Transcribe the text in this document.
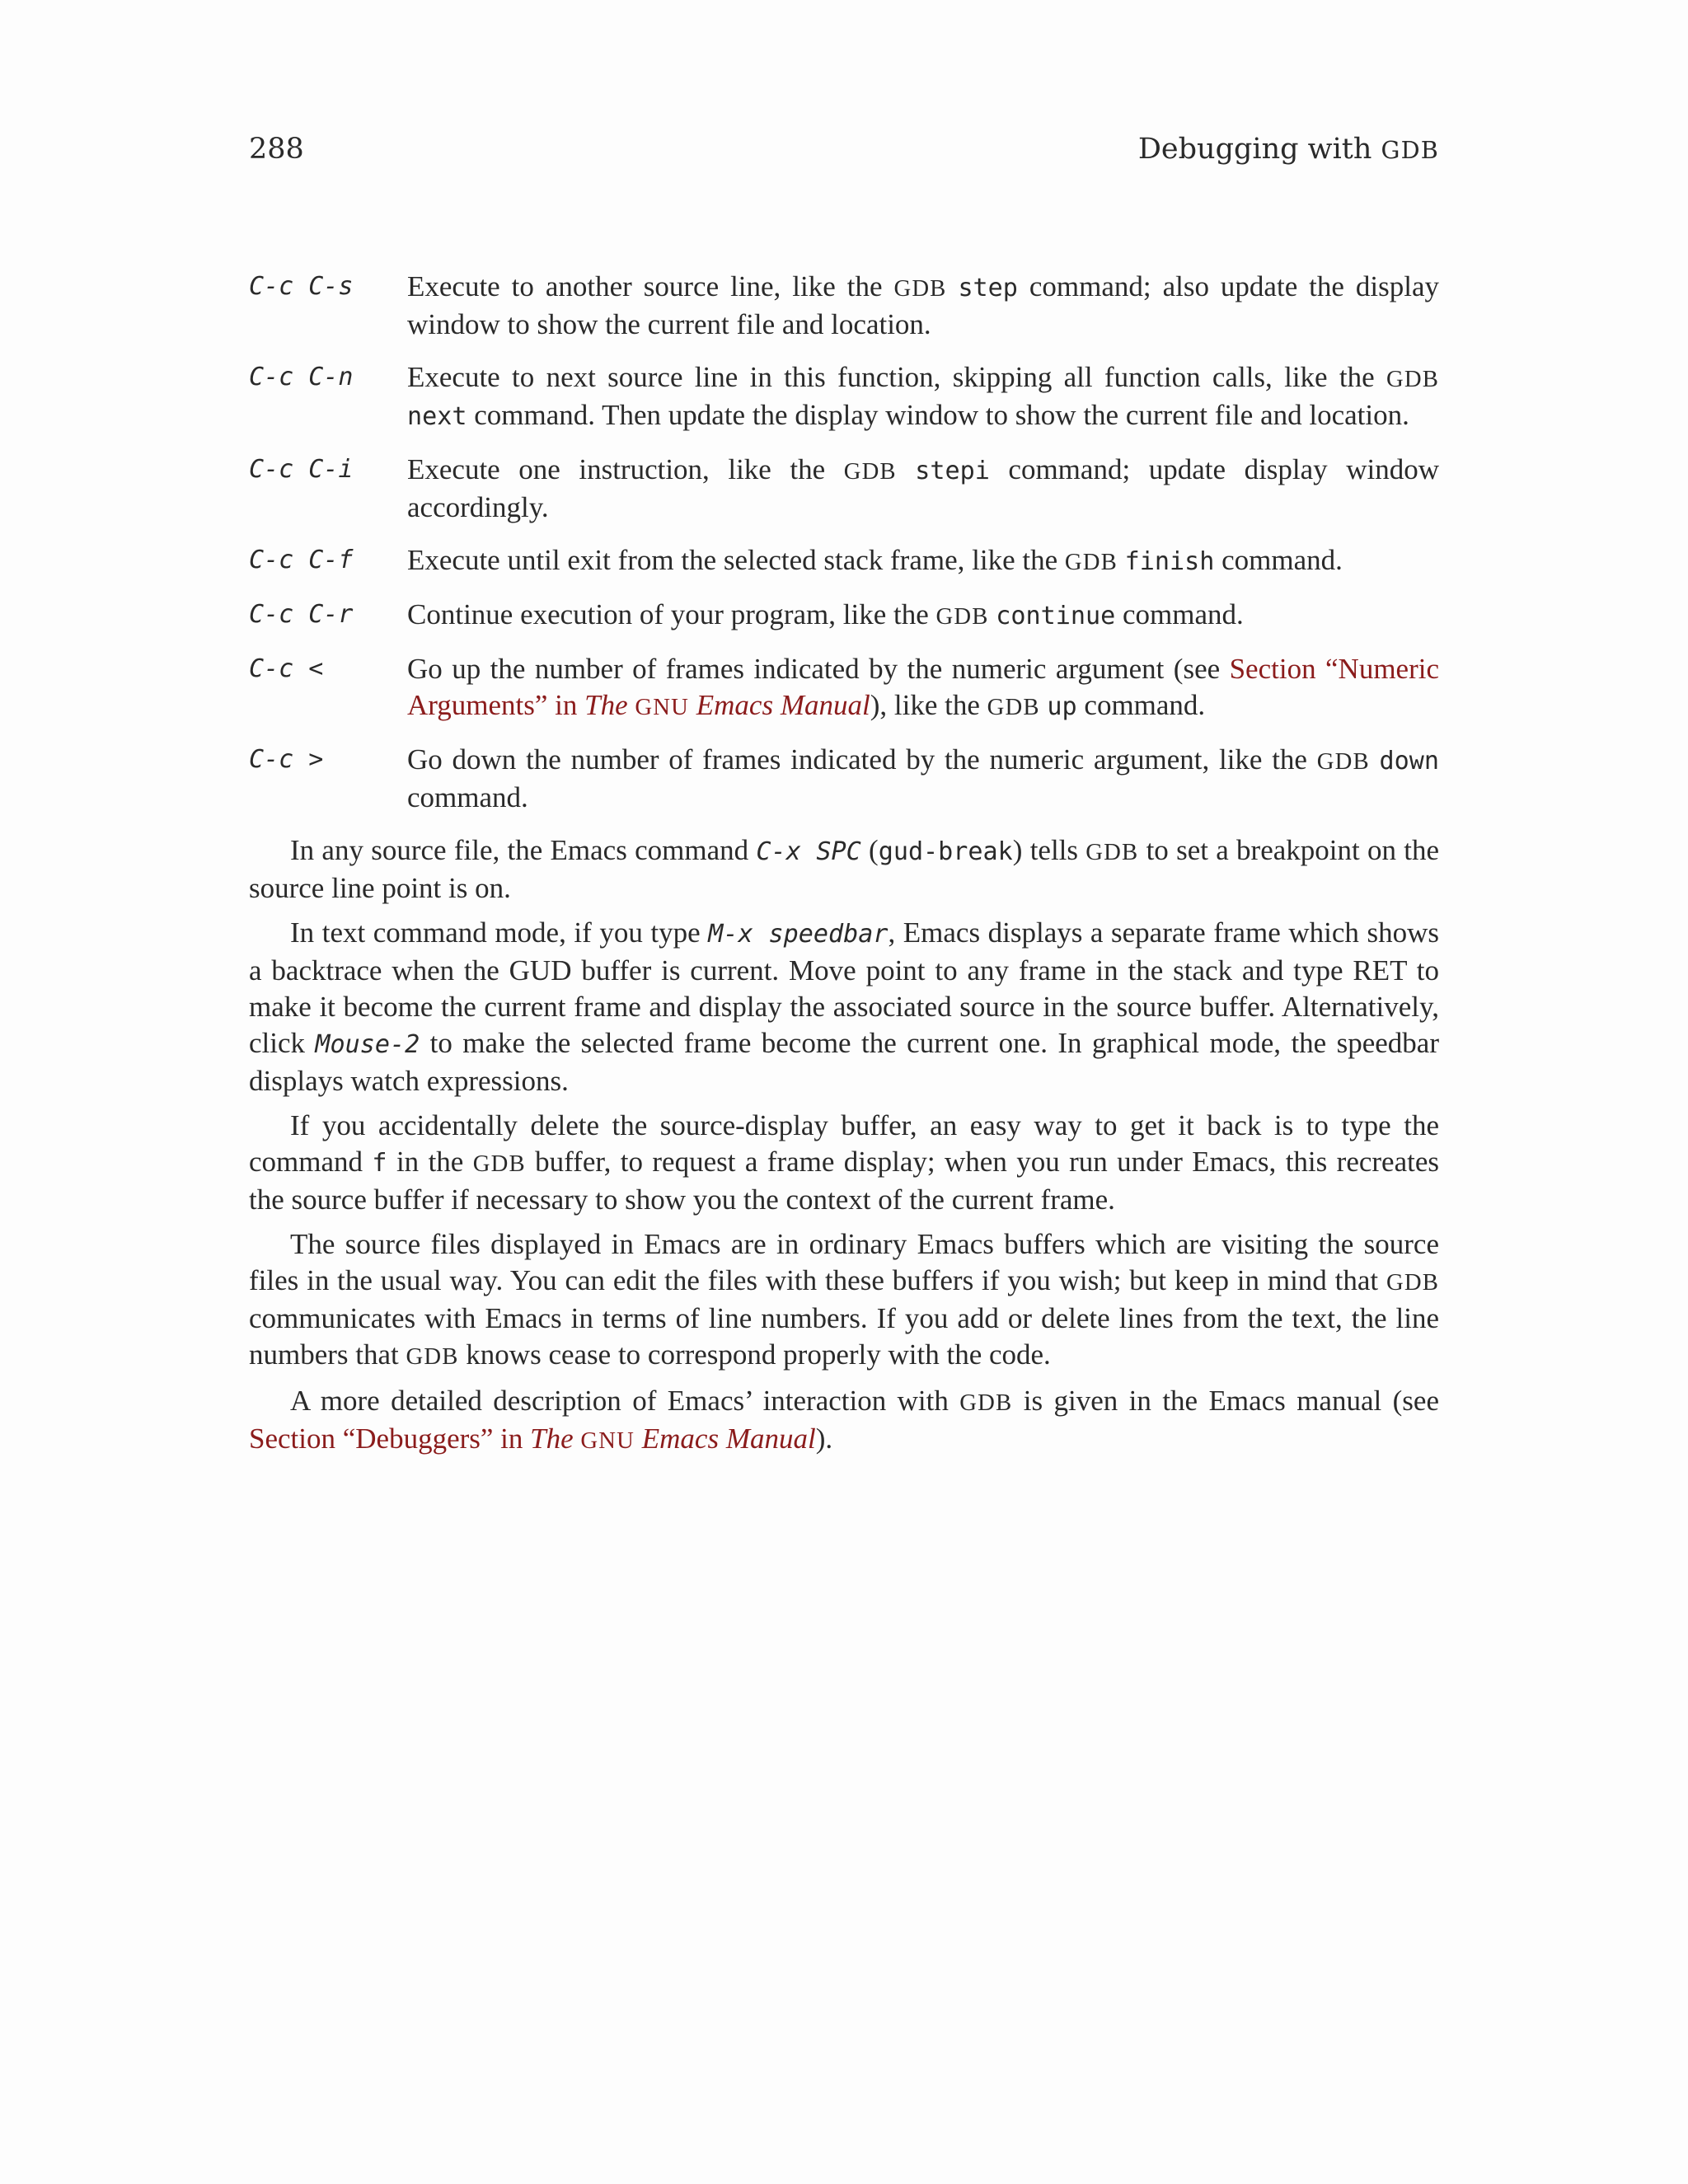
288	Debugging with GDB
C-c C-s	Execute to another source line, like the GDB step command; also update the display window to show the current file and location.
C-c C-n	Execute to next source line in this function, skipping all function calls, like the GDB next command. Then update the display window to show the current file and location.
C-c C-i	Execute one instruction, like the GDB stepi command; update display window accordingly.
C-c C-f	Execute until exit from the selected stack frame, like the GDB finish command.
C-c C-r	Continue execution of your program, like the GDB continue command.
C-c <	Go up the number of frames indicated by the numeric argument (see Section “Numeric Arguments” in The GNU Emacs Manual), like the GDB up command.
C-c >	Go down the number of frames indicated by the numeric argument, like the GDB down command.

In any source file, the Emacs command C-x SPC (gud-break) tells GDB to set a breakpoint on the source line point is on.

In text command mode, if you type M-x speedbar, Emacs displays a separate frame which shows a backtrace when the GUD buffer is current. Move point to any frame in the stack and type RET to make it become the current frame and display the associated source in the source buffer. Alternatively, click Mouse-2 to make the selected frame become the current one. In graphical mode, the speedbar displays watch expressions.

If you accidentally delete the source-display buffer, an easy way to get it back is to type the command f in the GDB buffer, to request a frame display; when you run under Emacs, this recreates the source buffer if necessary to show you the context of the current frame.

The source files displayed in Emacs are in ordinary Emacs buffers which are visiting the source files in the usual way. You can edit the files with these buffers if you wish; but keep in mind that GDB communicates with Emacs in terms of line numbers. If you add or delete lines from the text, the line numbers that GDB knows cease to correspond properly with the code.

A more detailed description of Emacs’ interaction with GDB is given in the Emacs manual (see Section “Debuggers” in The GNU Emacs Manual).
